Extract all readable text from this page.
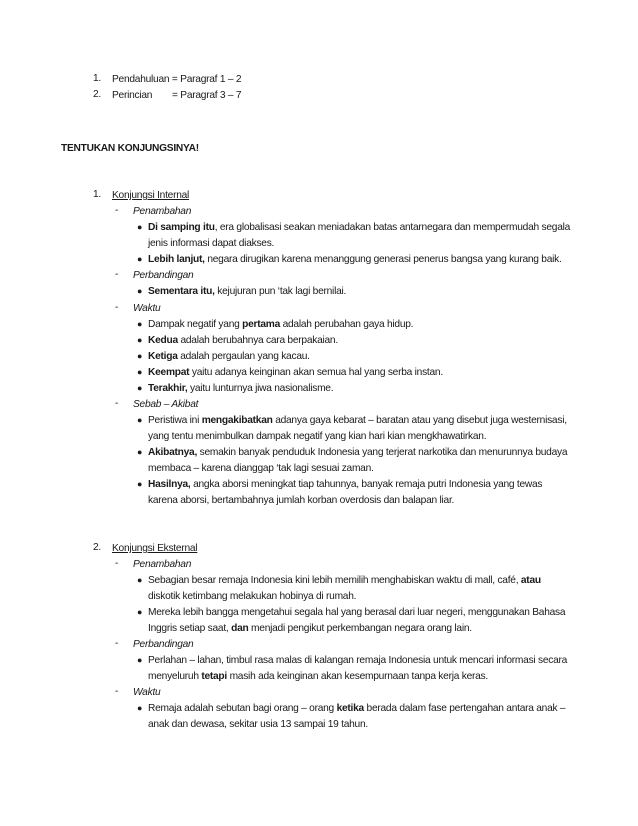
1. Pendahuluan = Paragraf 1 – 2
2. Perincian = Paragraf 3 – 7
TENTUKAN KONJUNGSINYA!
1. Konjungsi Internal
- Penambahan
● Di samping itu, era globalisasi seakan meniadakan batas antarnegara dan mempermudah segala
jenis informasi dapat diakses.
● Lebih lanjut, negara dirugikan karena menanggung generasi penerus bangsa yang kurang baik.
- Perbandingan
● Sementara itu, kejujuran pun ‘tak lagi bernilai.
- Waktu
● Dampak negatif yang pertama adalah perubahan gaya hidup.
● Kedua adalah berubahnya cara berpakaian.
● Ketiga adalah pergaulan yang kacau.
● Keempat yaitu adanya keinginan akan semua hal yang serba instan.
● Terakhir, yaitu lunturnya jiwa nasionalisme.
- Sebab – Akibat
● Peristiwa ini mengakibatkan adanya gaya kebarat – baratan atau yang disebut juga westernisasi,
yang tentu menimbulkan dampak negatif yang kian hari kian mengkhawatirkan.
● Akibatnya, semakin banyak penduduk Indonesia yang terjerat narkotika dan menurunnya budaya
membaca – karena dianggap ‘tak lagi sesuai zaman.
● Hasilnya, angka aborsi meningkat tiap tahunnya, banyak remaja putri Indonesia yang tewas
karena aborsi, bertambahnya jumlah korban overdosis dan balapan liar.
2. Konjungsi Eksternal
- Penambahan
● Sebagian besar remaja Indonesia kini lebih memilih menghabiskan waktu di mall, café, atau
diskotik ketimbang melakukan hobinya di rumah.
● Mereka lebih bangga mengetahui segala hal yang berasal dari luar negeri, menggunakan Bahasa
Inggris setiap saat, dan menjadi pengikut perkembangan negara orang lain.
- Perbandingan
● Perlahan – lahan, timbul rasa malas di kalangan remaja Indonesia untuk mencari informasi secara
menyeluruh tetapi masih ada keinginan akan kesempurnaan tanpa kerja keras.
- Waktu
● Remaja adalah sebutan bagi orang – orang ketika berada dalam fase pertengahan antara anak –
anak dan dewasa, sekitar usia 13 sampai 19 tahun.
